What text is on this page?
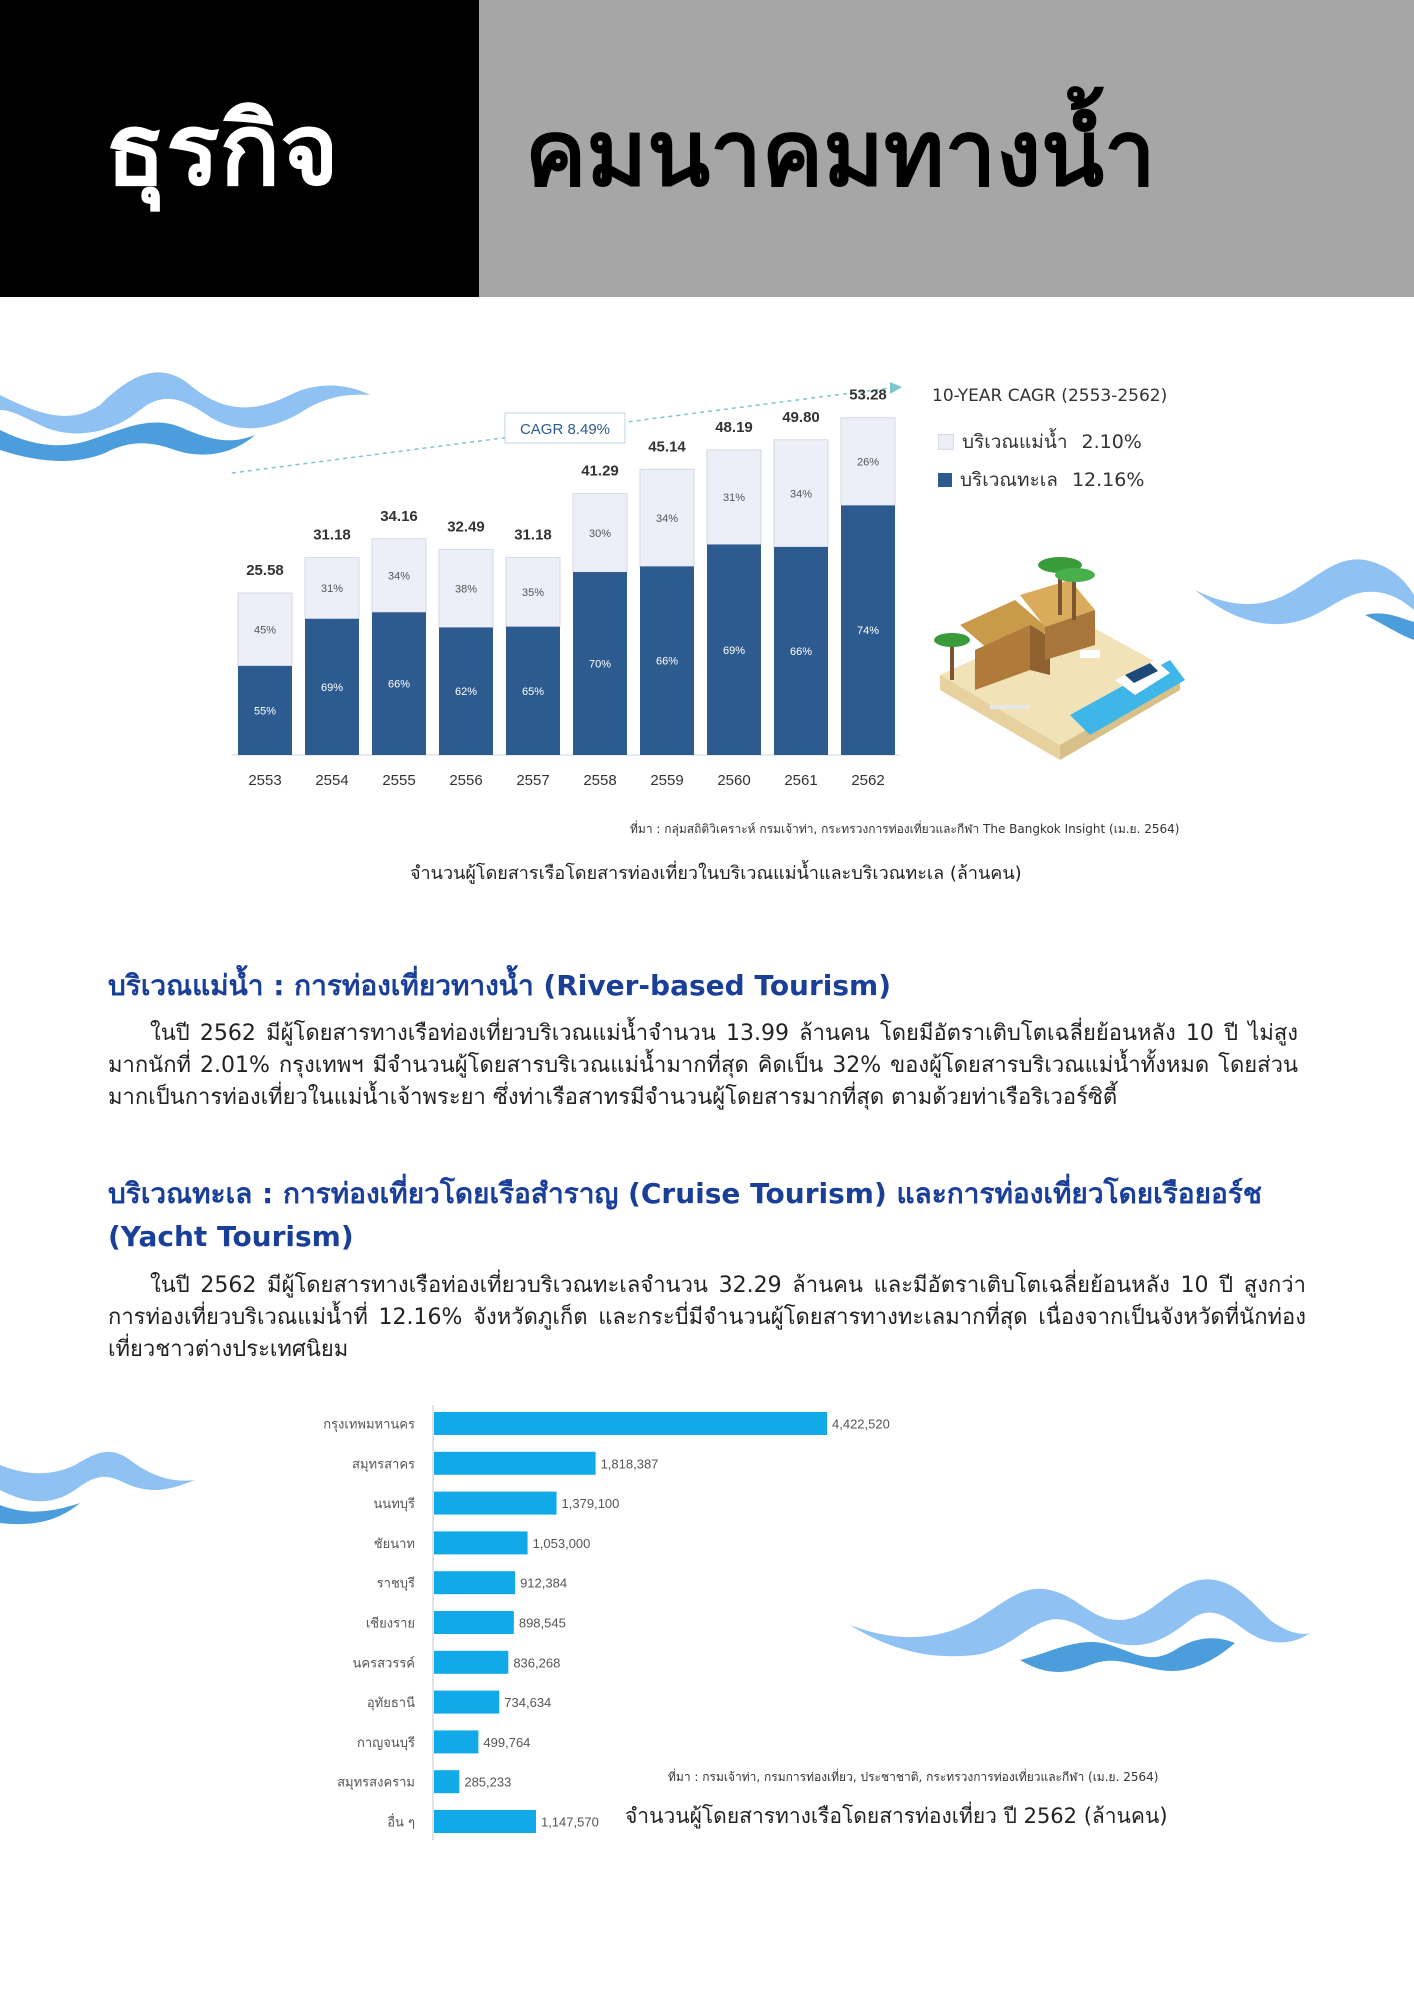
ธุรกิจ คมนาคมทางน้ำ
CAGR 8.49%
45%
55%
25.58
2553
31%
69%
31.18
2554
34%
66%
34.16
2555
38%
62%
32.49
2556
35%
65%
31.18
2557
30%
70%
41.29
2558
34%
66%
45.14
2559
31%
69%
48.19
2560
34%
66%
49.80
2561
26%
74%
53.28
2562
10-YEAR CAGR (2553-2562)
บริเวณแม่น้ำ 2.10%
บริเวณทะเล 12.16%
ที่มา : กลุ่มสถิติวิเคราะห์ กรมเจ้าท่า, กระทรวงการท่องเที่ยวและกีฬา The Bangkok Insight (เม.ย. 2564)
จำนวนผู้โดยสารเรือโดยสารท่องเที่ยวในบริเวณแม่น้ำและบริเวณทะเล (ล้านคน)
บริเวณแม่น้ำ : การท่องเที่ยวทางน้ำ (River-based Tourism)
ในปี 2562 มีผู้โดยสารทางเรือท่องเที่ยวบริเวณแม่น้ำจำนวน 13.99 ล้านคน โดยมีอัตราเติบโตเฉลี่ยย้อนหลัง 10 ปี ไม่สูงมากนักที่ 2.01% กรุงเทพฯ มีจำนวนผู้โดยสารบริเวณแม่น้ำมากที่สุด คิดเป็น 32% ของผู้โดยสารบริเวณแม่น้ำทั้งหมด โดยส่วนมากเป็นการท่องเที่ยวในแม่น้ำเจ้าพระยา ซึ่งท่าเรือสาทรมีจำนวนผู้โดยสารมากที่สุด ตามด้วยท่าเรือริเวอร์ซิตี้
บริเวณทะเล : การท่องเที่ยวโดยเรือสำราญ (Cruise Tourism) และการท่องเที่ยวโดยเรือยอร์ช
(Yacht Tourism)
ในปี 2562 มีผู้โดยสารทางเรือท่องเที่ยวบริเวณทะเลจำนวน 32.29 ล้านคน และมีอัตราเติบโตเฉลี่ยย้อนหลัง 10 ปี สูงกว่าการท่องเที่ยวบริเวณแม่น้ำที่ 12.16% จังหวัดภูเก็ต และกระบี่มีจำนวนผู้โดยสารทางทะเลมากที่สุด เนื่องจากเป็นจังหวัดที่นักท่องเที่ยวชาวต่างประเทศนิยม
กรุงเทพมหานคร	4,422,520
สมุทรสาคร	1,818,387
นนทบุรี	1,379,100
ชัยนาท	1,053,000
ราชบุรี	912,384
เชียงราย	898,545
นครสวรรค์	836,268
อุทัยธานี	734,634
กาญจนบุรี	499,764
สมุทรสงคราม	285,233
อื่น ๆ	1,147,570
ที่มา : กรมเจ้าท่า, กรมการท่องเที่ยว, ประชาชาติ, กระทรวงการท่องเที่ยวและกีฬา (เม.ย. 2564)
จำนวนผู้โดยสารทางเรือโดยสารท่องเที่ยว ปี 2562 (ล้านคน)
